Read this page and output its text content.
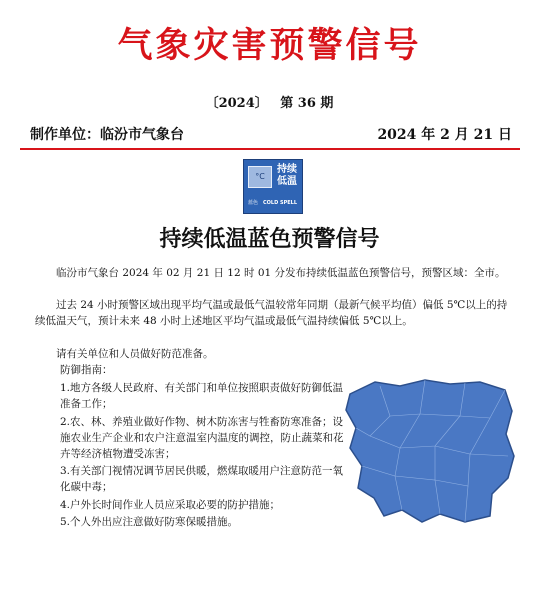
气象灾害预警信号
〔2024〕 第 36 期
制作单位：临汾市气象台	2024 年 2 月 21 日
°C
持续
低温
蓝色 COLD SPELL
持续低温蓝色预警信号

临汾市气象台 2024 年 02 月 21 日 12 时 01 分发布持续低温蓝色预警信号，预警区域：全市。

过去 24 小时预警区域出现平均气温或最低气温较常年同期（最新气候平均值）偏低 5℃以上的持续低温天气，预计未来 48 小时上述地区平均气温或最低气温持续偏低 5℃以上。

请有关单位和人员做好防范准备。

防御指南：

1.地方各级人民政府、有关部门和单位按照职责做好防御低温准备工作；

2.农、林、养殖业做好作物、树木防冻害与牲畜防寒准备；设施农业生产企业和农户注意温室内温度的调控，防止蔬菜和花卉等经济植物遭受冻害；

3.有关部门视情况调节居民供暖，燃煤取暖用户注意防范一氧化碳中毒；

4.户外长时间作业人员应采取必要的防护措施；

5.个人外出应注意做好防寒保暖措施。
